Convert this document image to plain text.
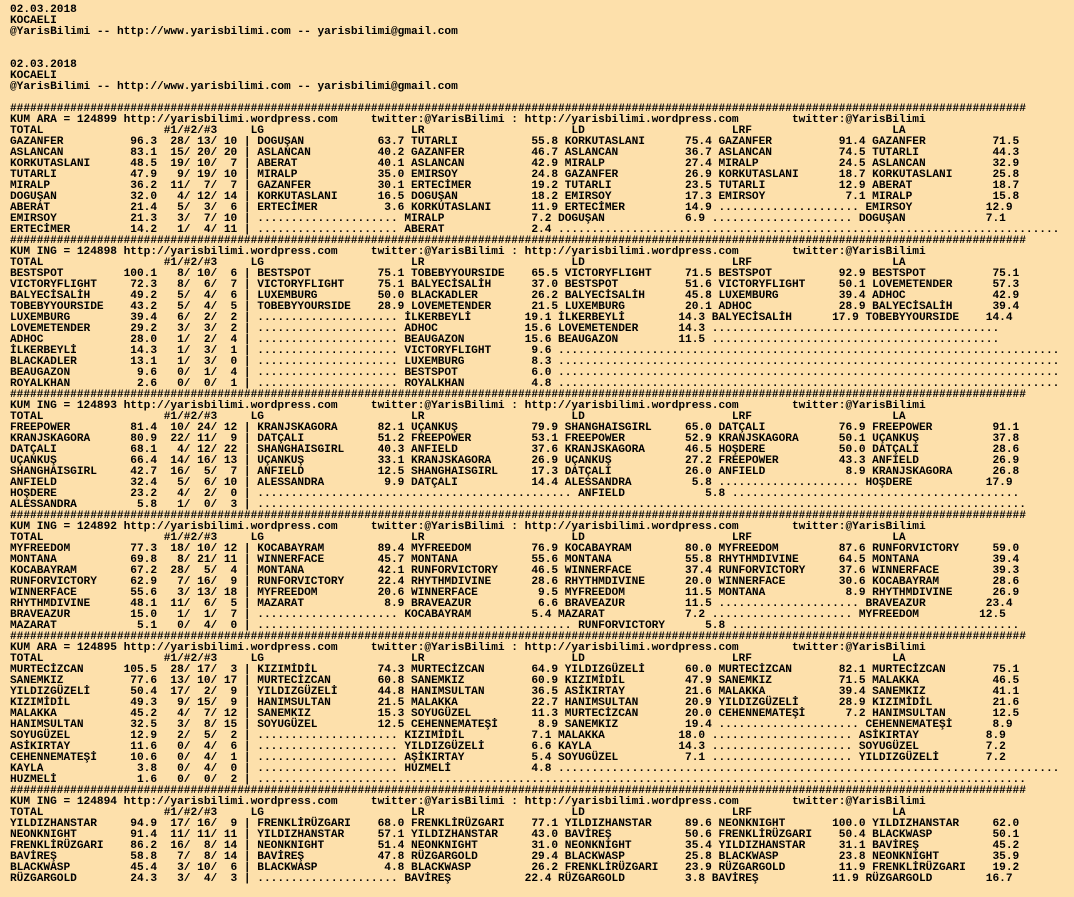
02.03.2018
KOCAELI
@YarisBilimi -- http://www.yarisbilimi.com -- yarisbilimi@gmail.com
02.03.2018
KOCAELI
@YarisBilimi -- http://www.yarisbilimi.com -- yarisbilimi@gmail.com
########################################################################################################################################################
KUM ARA = 124899 http://yarisbilimi.wordpress.com     twitter:@YarisBilimi : http://yarisbilimi.wordpress.com        twitter:@YarisBilimi
TOTAL                  #1/#2/#3     LG                      LR                      LD                      LRF                     LA
GAZANFER          96.3  28/ 13/ 10 | DOGUŞAN           63.7 TUTARLI           55.8 KORKUTASLANI      75.4 GAZANFER          91.4 GAZANFER          71.5
ASLANCAN          83.1  15/ 20/ 20 | ASLANCAN          40.2 GAZANFER          46.7 ASLANCAN          36.7 ASLANCAN          74.5 TUTARLI           44.3
KORKUTASLANI      48.5  19/ 10/  7 | ABERAT            40.1 ASLANCAN          42.9 MIRALP            27.4 MIRALP            24.5 ASLANCAN          32.9
TUTARLI           47.9   9/ 19/ 10 | MIRALP            35.0 EMIRSOY           24.8 GAZANFER          26.9 KORKUTASLANI      18.7 KORKUTASLANI      25.8
MIRALP            36.2  11/  7/  7 | GAZANFER          30.1 ERTECİMER         19.2 TUTARLI           23.5 TUTARLI           12.9 ABERAT            18.7
DOGUŞAN           32.0   4/ 12/ 14 | KORKUTASLANI      16.5 DOGUŞAN           18.2 EMIRSOY           17.3 EMIRSOY            7.1 MIRALP            15.8
ABERAT            21.4   5/  3/  6 | ERTECİMER          3.6 KORKUTASLANI      11.9 ERTECİMER         14.9 ..................... EMIRSOY           12.9
EMIRSOY           21.3   3/  7/ 10 | ..................... MIRALP             7.2 DOGUŞAN            6.9 ..................... DOGUŞAN            7.1
ERTECİMER         14.2   1/  4/ 11 | ..................... ABERAT             2.4 ...........................................................................
########################################################################################################################################################
KUM ING = 124898 http://yarisbilimi.wordpress.com     twitter:@YarisBilimi : http://yarisbilimi.wordpress.com        twitter:@YarisBilimi
TOTAL                  #1/#2/#3     LG                      LR                      LD                      LRF                     LA
BESTSPOT         100.1   8/ 10/  6 | BESTSPOT          75.1 TOBEBYYOURSIDE    65.5 VICTORYFLIGHT     71.5 BESTSPOT          92.9 BESTSPOT          75.1
VICTORYFLIGHT     72.3   8/  6/  7 | VICTORYFLIGHT     75.1 BALYECİSALİH      37.0 BESTSPOT          51.6 VICTORYFLIGHT     50.1 LOVEMETENDER      57.3
BALYECİSALİH      49.2   5/  4/  6 | LUXEMBURG         50.0 BLACKADLER        26.2 BALYECİSALİH      45.8 LUXEMBURG         39.4 ADHOC             42.9
TOBEBYYOURSIDE    43.2   5/  4/  5 | TOBEBYYOURSIDE    28.9 LOVEMETENDER      21.5 LUXEMBURG         20.1 ADHOC             28.9 BALYECİSALİH      39.4
LUXEMBURG         39.4   6/  2/  2 | ..................... İLKERBEYLİ        19.1 İLKERBEYLİ        14.3 BALYECİSALİH      17.9 TOBEBYYOURSIDE    14.4
LOVEMETENDER      29.2   3/  3/  2 | ..................... ADHOC             15.6 LOVEMETENDER      14.3 ...........................................
ADHOC             28.0   1/  2/  4 | ..................... BEAUGAZON         15.6 BEAUGAZON         11.5 ...........................................
İLKERBEYLİ        14.3   1/  3/  1 | ..................... VICTORYFLIGHT      9.6 ...........................................................................
BLACKADLER        13.1   1/  3/  0 | ..................... LUXEMBURG          8.3 ...........................................................................
BEAUGAZON          9.6   0/  1/  4 | ..................... BESTSPOT           6.0 ...........................................................................
ROYALKHAN          2.6   0/  0/  1 | ..................... ROYALKHAN          4.8 ...........................................................................
########################################################################################################################################################
KUM ING = 124893 http://yarisbilimi.wordpress.com     twitter:@YarisBilimi : http://yarisbilimi.wordpress.com        twitter:@YarisBilimi
TOTAL                  #1/#2/#3     LG                      LR                      LD                      LRF                     LA
FREEPOWER         81.4  10/ 24/ 12 | KRANJSKAGORA      82.1 UÇANKUŞ           79.9 SHANGHAISGIRL     65.0 DATÇALI           76.9 FREEPOWER         91.1
KRANJSKAGORA      80.9  22/ 11/  9 | DATÇALI           51.2 FREEPOWER         53.1 FREEPOWER         52.9 KRANJSKAGORA      50.1 UÇANKUŞ           37.8
DATÇALI           68.1   4/ 12/ 22 | SHANGHAISGIRL     40.3 ANFIELD           37.6 KRANJSKAGORA      46.5 HOŞDERE           50.0 DATÇALI           28.6
UÇANKUŞ           66.4  14/ 16/ 13 | UÇANKUŞ           33.1 KRANJSKAGORA      26.9 UÇANKUŞ           27.2 FREEPOWER         43.3 ANFIELD           26.9
SHANGHAISGIRL     42.7  16/  5/  7 | ANFIELD           12.5 SHANGHAISGIRL     17.3 DATÇALI           26.0 ANFIELD            8.9 KRANJSKAGORA      26.8
ANFIELD           32.4   5/  6/ 10 | ALESSANDRA         9.9 DATÇALI           14.4 ALESSANDRA         5.8 ..................... HOŞDERE           17.9
HOŞDERE           23.2   4/  2/  0 | ............................................... ANFIELD            5.8 ...........................................
ALESSANDRA         5.8   1/  0/  3 | ...................................................................................................................
########################################################################################################################################################
KUM ING = 124892 http://yarisbilimi.wordpress.com     twitter:@YarisBilimi : http://yarisbilimi.wordpress.com        twitter:@YarisBilimi
TOTAL                  #1/#2/#3     LG                      LR                      LD                      LRF                     LA
MYFREEDOM         77.3  18/ 10/ 12 | KOCABAYRAM        89.4 MYFREEDOM         76.9 KOCABAYRAM        80.0 MYFREEDOM         87.6 RUNFORVICTORY     59.0
MONTANA           69.8   8/ 21/ 11 | WINNERFACE        45.7 MONTANA           55.6 MONTANA           55.8 RHYTHMDIVINE      64.5 MONTANA           39.4
KOCABAYRAM        67.2  28/  5/  4 | MONTANA           42.1 RUNFORVICTORY     46.5 WINNERFACE        37.4 RUNFORVICTORY     37.6 WINNERFACE        39.3
RUNFORVICTORY     62.9   7/ 16/  9 | RUNFORVICTORY     22.4 RHYTHMDIVINE      28.6 RHYTHMDIVINE      20.0 WINNERFACE        30.6 KOCABAYRAM        28.6
WINNERFACE        55.6   3/ 13/ 18 | MYFREEDOM         20.6 WINNERFACE         9.5 MYFREEDOM         11.5 MONTANA            8.9 RHYTHMDIVINE      26.9
RHYTHMDIVINE      48.1  11/  6/  5 | MAZARAT            8.9 BRAVEAZUR          6.6 BRAVEAZUR         11.5 ..................... BRAVEAZUR         23.4
BRAVEAZUR         15.0   1/  1/  7 | ..................... KOCABAYRAM         5.4 MAZARAT            7.2 ..................... MYFREEDOM         12.5
MAZARAT            5.1   0/  4/  0 | ............................................... RUNFORVICTORY      5.8 ...........................................
########################################################################################################################################################
KUM ARA = 124895 http://yarisbilimi.wordpress.com     twitter:@YarisBilimi : http://yarisbilimi.wordpress.com        twitter:@YarisBilimi
TOTAL                  #1/#2/#3     LG                      LR                      LD                      LRF                     LA
MURTECİZCAN      105.5  28/ 17/  3 | KIZIMİDİL         74.3 MURTECİZCAN       64.9 YILDIZGÜZELİ      60.0 MURTECİZCAN       82.1 MURTECİZCAN       75.1
SANEMKIZ          77.6  13/ 10/ 17 | MURTECİZCAN       60.8 SANEMKIZ          60.9 KIZIMİDİL         47.9 SANEMKIZ          71.5 MALAKKA           46.5
YILDIZGÜZELİ      50.4  17/  2/  9 | YILDIZGÜZELİ      44.8 HANIMSULTAN       36.5 ASİKIRTAY         21.6 MALAKKA           39.4 SANEMKIZ          41.1
KIZIMİDİL         49.3   9/ 15/  9 | HANIMSULTAN       21.5 MALAKKA           22.7 HANIMSULTAN       20.9 YILDIZGÜZELİ      28.9 KIZIMİDİL         21.6
MALAKKA           45.2   4/  7/ 12 | SANEMKIZ          15.3 SOYUGÜZEL         11.3 MURTECİZCAN       20.0 CEHENNEMATEŞİ      7.2 HANIMSULTAN       12.5
HANIMSULTAN       32.5   3/  8/ 15 | SOYUGÜZEL         12.5 CEHENNEMATEŞİ      8.9 SANEMKIZ          19.4 ..................... CEHENNEMATEŞİ      8.9
SOYUGÜZEL         12.9   2/  5/  2 | ..................... KIZIMİDİL          7.1 MALAKKA           18.0 ..................... ASİKIRTAY          8.9
ASİKIRTAY         11.6   0/  4/  6 | ..................... YILDIZGÜZELİ       6.6 KAYLA             14.3 ..................... SOYUGÜZEL          7.2
CEHENNEMATEŞİ     10.6   0/  4/  1 | ..................... AŞİKIRTAY          5.4 SOYUGÜZEL          7.1 ..................... YILDIZGÜZELİ       7.2
KAYLA              3.8   0/  4/  0 | ..................... HUZMELİ            4.8 ...........................................................................
HUZMELİ            1.6   0/  0/  2 | ...................................................................................................................
########################################################################################################################################################
KUM ING = 124894 http://yarisbilimi.wordpress.com     twitter:@YarisBilimi : http://yarisbilimi.wordpress.com        twitter:@YarisBilimi
TOTAL                  #1/#2/#3     LG                      LR                      LD                      LRF                     LA
YILDIZHANSTAR     94.9  17/ 16/  9 | FRENKLİRÜZGARI    68.0 FRENKLİRÜZGARI    77.1 YILDIZHANSTAR     89.6 NEONKNIGHT       100.0 YILDIZHANSTAR     62.0
NEONKNIGHT        91.4  11/ 11/ 11 | YILDIZHANSTAR     57.1 YILDIZHANSTAR     43.0 BAVİREŞ           50.6 FRENKLİRÜZGARI    50.4 BLACKWASP         50.1
FRENKLİRÜZGARI    86.2  16/  8/ 14 | NEONKNIGHT        51.4 NEONKNIGHT        31.0 NEONKNIGHT        35.4 YILDIZHANSTAR     31.1 BAVİREŞ           45.2
BAVİREŞ           58.8   7/  8/ 14 | BAVİREŞ           47.8 RÜZGARGOLD        29.4 BLACKWASP         25.8 BLACKWASP         23.8 NEONKNIGHT        35.9
BLACKWASP         45.4   3/ 10/  6 | BLACKWASP          4.8 BLACKWASP         26.2 FRENKLİRÜZGARI    23.9 RÜZGARGOLD        11.9 FRENKLİRÜZGARI    19.2
RÜZGARGOLD        24.3   3/  4/  3 | ..................... BAVİREŞ           22.4 RÜZGARGOLD         3.8 BAVİREŞ           11.9 RÜZGARGOLD        16.7
